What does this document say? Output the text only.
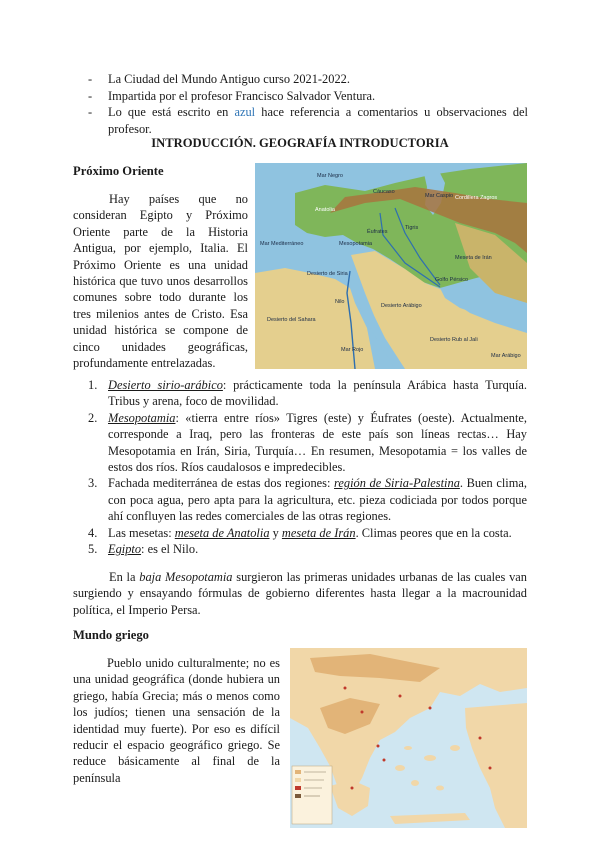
-	La Ciudad del Mundo Antiguo curso 2021-2022.
-	Impartida por el profesor Francisco Salvador Ventura.
-	Lo que está escrito en azul hace referencia a comentarios u observaciones del profesor.
INTRODUCCIÓN. GEOGRAFÍA INTRODUCTORIA
Próximo Oriente

Hay países que no consideran Egipto y Próximo Oriente parte de la Historia Antigua, por ejemplo, Italia. El Próximo Oriente es una unidad histórica que tuvo unos desarrollos comunes sobre todo durante los tres milenios antes de Cristo. Esa unidad histórica se compone de cinco unidades geográficas, profundamente entrelazadas.

Mar Negro
Anatolia
Cáucaso
Mar Caspio Cordillera Zagros
Mar Mediterráneo	Mesopotamia
Desierto de Siria
Meseta de Irán
Desierto del Sahara
Desierto Arábigo
Golfo Pérsico
Desierto Rub al Jali
Mar Rojo
Mar Arábigo
Nilo
Tigris
Éufrates
1. Desierto sirio-arábico: prácticamente toda la península Arábica hasta Turquía. Tribus y arena, foco de movilidad.
2. Mesopotamia: «tierra entre ríos» Tigres (este) y Éufrates (oeste). Actualmente, corresponde a Iraq, pero las fronteras de este país son líneas rectas… Hay Mesopotamia en Irán, Siria, Turquía… En resumen, Mesopotamia = los valles de estos dos ríos. Ríos caudalosos e impredecibles.
3. Fachada mediterránea de estas dos regiones: región de Siria-Palestina. Buen clima, con poca agua, pero apta para la agricultura, etc. pieza codiciada por todos porque ahí confluyen las redes comerciales de las otras regiones.
4. Las mesetas: meseta de Anatolia y meseta de Irán. Climas peores que en la costa.
5. Egipto: es el Nilo.

En la baja Mesopotamia surgieron las primeras unidades urbanas de las cuales van surgiendo y ensayando fórmulas de gobierno diferentes hasta llegar a la macrounidad política, el Imperio Persa.

Mundo griego

Pueblo unido culturalmente; no es una unidad geográfica (donde hubiera un griego, había Grecia; más o menos como los judíos; tienen una sensación de la identidad muy fuerte). Por eso es difícil reducir el espacio geográfico griego. Se reduce básicamente al final de la península
